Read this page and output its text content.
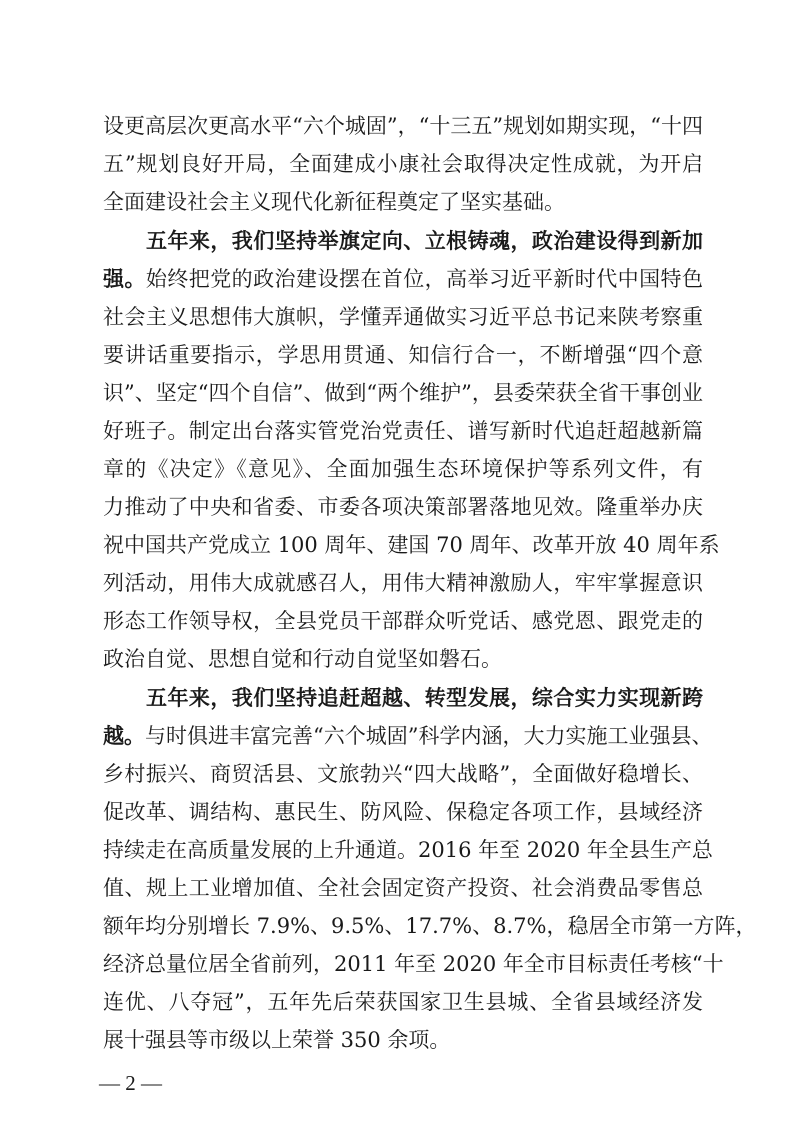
设更高层次更高水平“六个城固”，“十三五”规划如期实现，“十四
五”规划良好开局，全面建成小康社会取得决定性成就，为开启
全面建设社会主义现代化新征程奠定了坚实基础。
五年来，我们坚持举旗定向、立根铸魂，政治建设得到新加
强。始终把党的政治建设摆在首位，高举习近平新时代中国特色
社会主义思想伟大旗帜，学懂弄通做实习近平总书记来陕考察重
要讲话重要指示，学思用贯通、知信行合一，不断增强“四个意
识”、坚定“四个自信”、做到“两个维护”，县委荣获全省干事创业
好班子。制定出台落实管党治党责任、谱写新时代追赶超越新篇
章的《决定》《意见》、全面加强生态环境保护等系列文件，有
力推动了中央和省委、市委各项决策部署落地见效。隆重举办庆
祝中国共产党成立 100 周年、建国 70 周年、改革开放 40 周年系
列活动，用伟大成就感召人，用伟大精神激励人，牢牢掌握意识
形态工作领导权，全县党员干部群众听党话、感党恩、跟党走的
政治自觉、思想自觉和行动自觉坚如磐石。
五年来，我们坚持追赶超越、转型发展，综合实力实现新跨
越。与时俱进丰富完善“六个城固”科学内涵，大力实施工业强县、
乡村振兴、商贸活县、文旅勃兴“四大战略”，全面做好稳增长、
促改革、调结构、惠民生、防风险、保稳定各项工作，县域经济
持续走在高质量发展的上升通道。2016 年至 2020 年全县生产总
值、规上工业增加值、全社会固定资产投资、社会消费品零售总
额年均分别增长 7.9%、9.5%、17.7%、8.7%，稳居全市第一方阵，
经济总量位居全省前列，2011 年至 2020 年全市目标责任考核“十
连优、八夺冠”，五年先后荣获国家卫生县城、全省县域经济发
展十强县等市级以上荣誉 350 余项。
— 2 —
